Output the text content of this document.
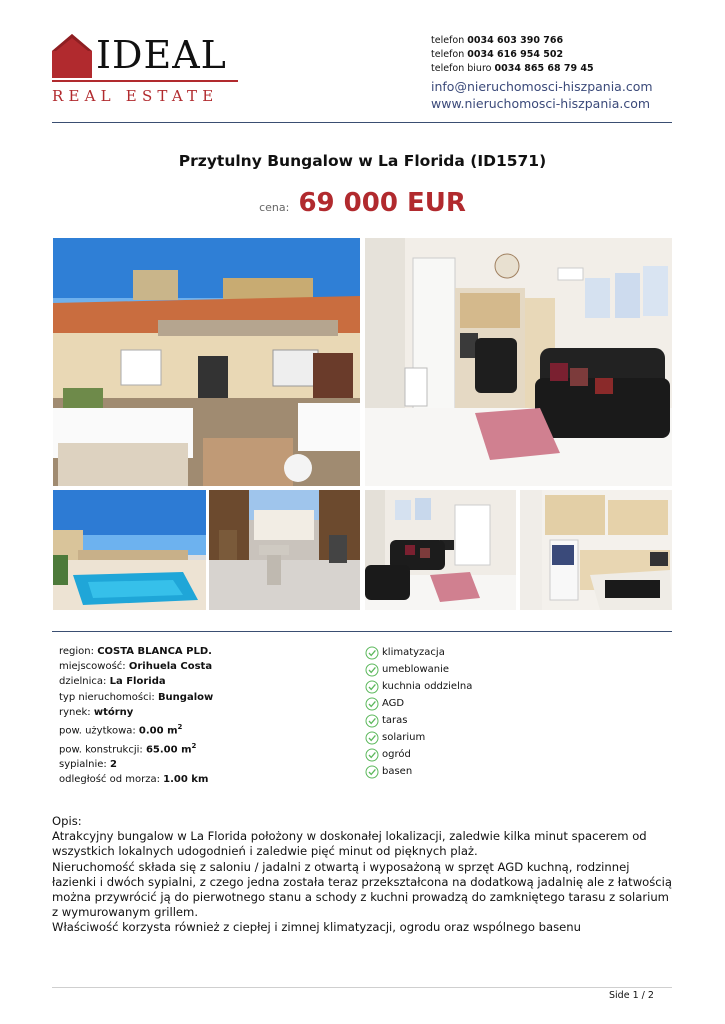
IDEAL
REAL ESTATE
telefon 0034 603 390 766
telefon 0034 616 954 502
telefon biuro 0034 865 68 79 45
info@nieruchomosci-hiszpania.com
www.nieruchomosci-hiszpania.com
Przytulny Bungalow w La Florida (ID1571)
cena: 69 000 EUR
region: COSTA BLANCA PLD.
miejscowość: Orihuela Costa
dzielnica: La Florida
typ nieruchomości: Bungalow
rynek: wtórny
pow. użytkowa: 0.00 $m^2$
pow. konstrukcji: 65.00 $m^2$
sypialnie: 2
odległość od morza: 1.00 km
klimatyzacja
umeblowanie
kuchnia oddzielna
AGD
taras
solarium
ogród
basen

Opis:

Atrakcyjny bungalow w La Florida położony w doskonałej lokalizacji, zaledwie kilka minut spacerem od wszystkich lokalnych udogodnień i zaledwie pięć minut od pięknych plaż.

Nieruchomość składa się z saloniu / jadalni z otwartą i wyposażoną w sprzęt AGD kuchną, rodzinnej łazienki i dwóch sypialni, z czego jedna została teraz przekształcona na dodatkową jadalnię ale z łatwością można przywrócić ją do pierwotnego stanu a schody z kuchni prowadzą do zamkniętego tarasu z solarium z wymurowanym grillem.

Właściwość korzysta również z ciepłej i zimnej klimatyzacji, ogrodu oraz wspólnego basenu

Side 1 / 2
